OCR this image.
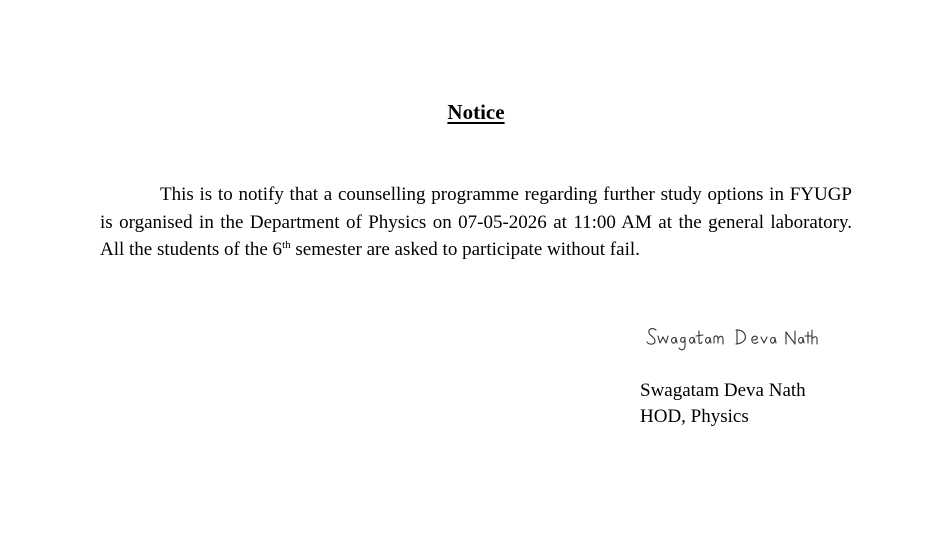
Notice

This is to notify that a counselling programme regarding further study options in FYUGP is organised in the Department of Physics on 07-05-2026 at 11:00 AM at the general laboratory. All the students of the 6th semester are asked to participate without fail.

Swagatam Deva Nath
HOD, Physics
